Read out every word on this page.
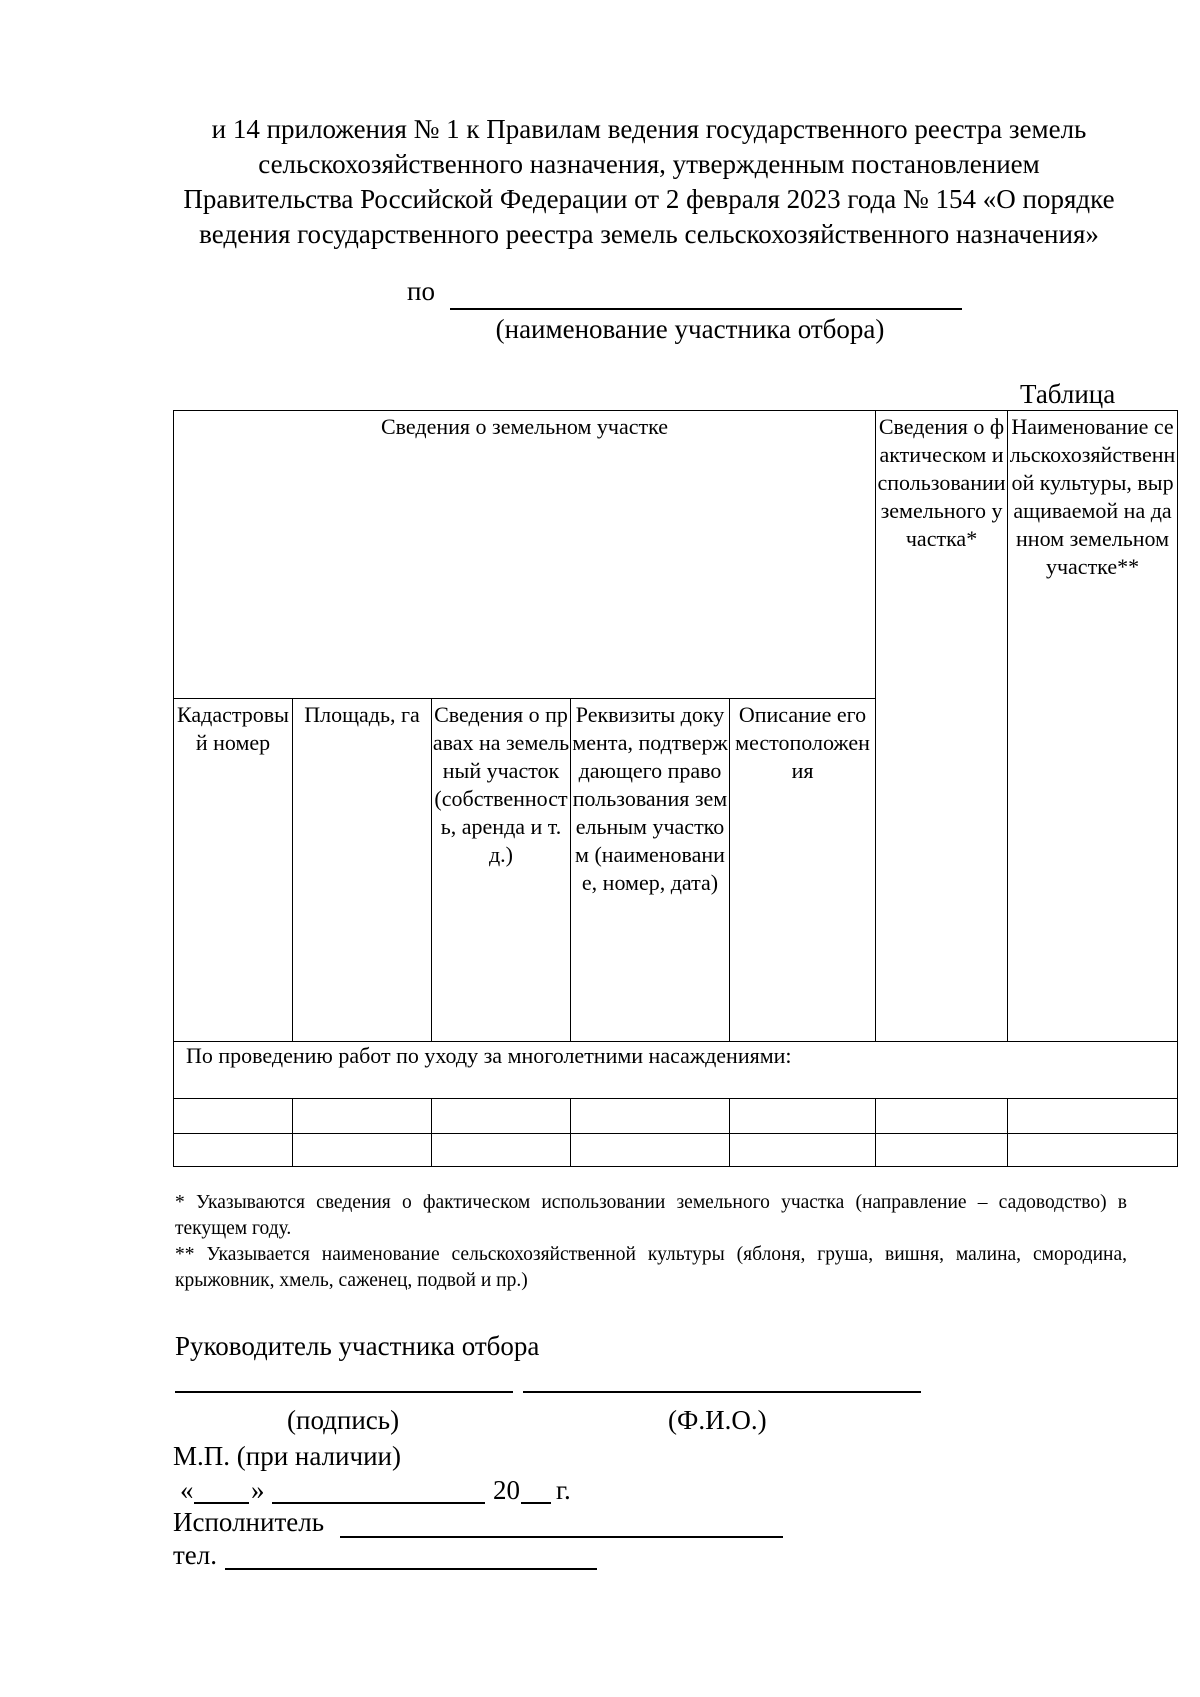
и 14 приложения № 1 к Правилам ведения государственного реестра земель сельскохозяйственного назначения, утвержденным постановлением Правительства Российской Федерации от 2 февраля 2023 года № 154 «О порядке ведения государственного реестра земель сельскохозяйственного назначения»
по
(наименование участника отбора)
Таблица
Сведения о земельном участке					Сведения о фактическом использовании земельного участка*	Наименование сельскохозяйственной культуры, выращиваемой на данном земельном участке**
Кадастровый номер	Площадь, га	Сведения о правах на земельный участок (собственность, аренда и т.д.)	Реквизиты документа, подтверждающего право пользования земельным участком (наименование, номер, дата)	Описание его местоположения		
По проведению работ по уходу за многолетними насаждениями:						

* Указываются сведения о фактическом использовании земельного участка (направление – садоводство) в текущем году.

** Указывается наименование сельскохозяйственной культуры (яблоня, груша, вишня, малина, смородина, крыжовник, хмель, саженец, подвой и пр.)

Руководитель участника отбора
(подпись)	(Ф.И.О.)
М.П. (при наличии)
« »	20 г.
Исполнитель
тел.
